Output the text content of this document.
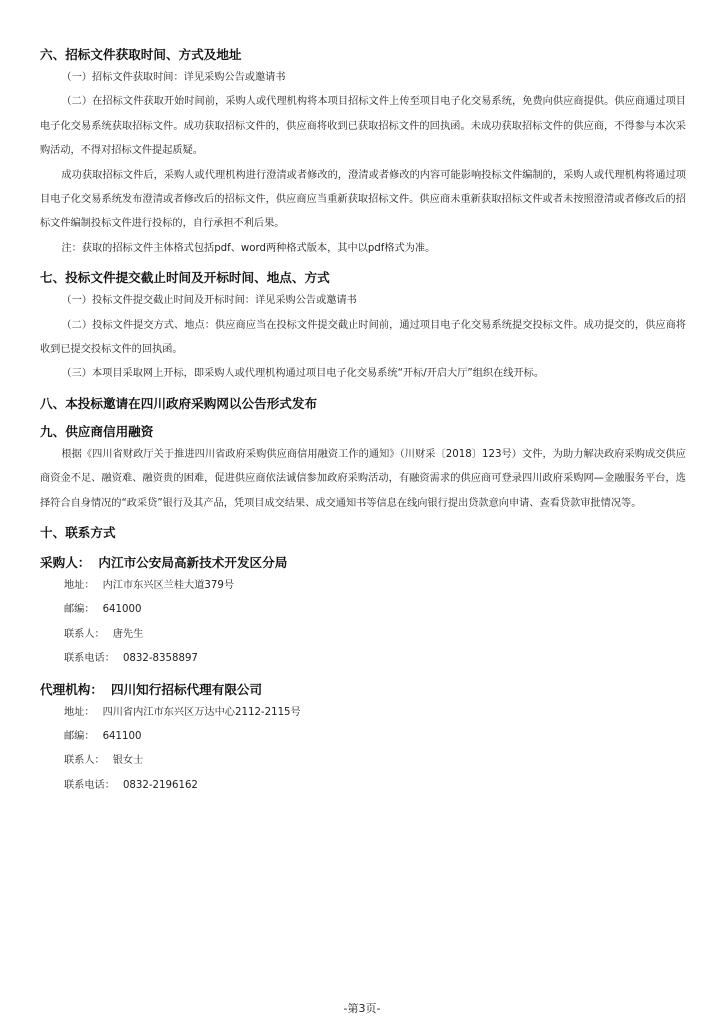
六、招标文件获取时间、方式及地址

（一）招标文件获取时间：详见采购公告或邀请书

（二）在招标文件获取开始时间前，采购人或代理机构将本项目招标文件上传至项目电子化交易系统，免费向供应商提供。供应商通过项目电子化交易系统获取招标文件。成功获取招标文件的，供应商将收到已获取招标文件的回执函。未成功获取招标文件的供应商，不得参与本次采购活动，不得对招标文件提起质疑。

成功获取招标文件后，采购人或代理机构进行澄清或者修改的，澄清或者修改的内容可能影响投标文件编制的，采购人或代理机构将通过项目电子化交易系统发布澄清或者修改后的招标文件，供应商应当重新获取招标文件。供应商未重新获取招标文件或者未按照澄清或者修改后的招标文件编制投标文件进行投标的，自行承担不利后果。

注：获取的招标文件主体格式包括pdf、word两种格式版本，其中以pdf格式为准。

七、投标文件提交截止时间及开标时间、地点、方式

（一）投标文件提交截止时间及开标时间：详见采购公告或邀请书

（二）投标文件提交方式、地点：供应商应当在投标文件提交截止时间前，通过项目电子化交易系统提交投标文件。成功提交的，供应商将收到已提交投标文件的回执函。

（三）本项目采取网上开标，即采购人或代理机构通过项目电子化交易系统“开标/开启大厅”组织在线开标。

八、本投标邀请在四川政府采购网以公告形式发布

九、供应商信用融资

根据《四川省财政厅关于推进四川省政府采购供应商信用融资工作的通知》（川财采〔2018〕123号）文件，为助力解决政府采购成交供应商资金不足、融资难、融资贵的困难，促进供应商依法诚信参加政府采购活动，有融资需求的供应商可登录四川政府采购网—金融服务平台，选择符合自身情况的“政采贷”银行及其产品，凭项目成交结果、成交通知书等信息在线向银行提出贷款意向申请、查看贷款审批情况等。

十、联系方式

采购人： 内江市公安局高新技术开发区分局

地址： 内江市东兴区兰桂大道379号

邮编： 641000

联系人： 唐先生

联系电话： 0832-8358897

代理机构： 四川知行招标代理有限公司

地址： 四川省内江市东兴区万达中心2112-2115号

邮编： 641100

联系人： 银女士

联系电话： 0832-2196162

-第3页-
